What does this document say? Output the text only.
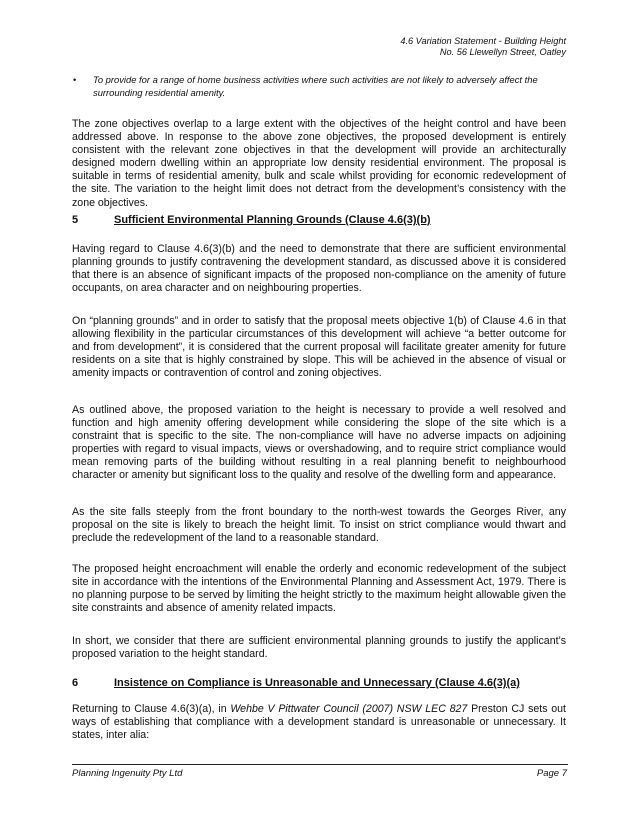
4.6 Variation Statement - Building Height
No. 56 Llewellyn Street, Oatley
• To provide for a range of home business activities where such activities are not likely to adversely affect the surrounding residential amenity.
The zone objectives overlap to a large extent with the objectives of the height control and have been addressed above. In response to the above zone objectives, the proposed development is entirely consistent with the relevant zone objectives in that the development will provide an architecturally designed modern dwelling within an appropriate low density residential environment. The proposal is suitable in terms of residential amenity, bulk and scale whilst providing for economic redevelopment of the site. The variation to the height limit does not detract from the development’s consistency with the zone objectives.
5	Sufficient Environmental Planning Grounds (Clause 4.6(3)(b)
Having regard to Clause 4.6(3)(b) and the need to demonstrate that there are sufficient environmental planning grounds to justify contravening the development standard, as discussed above it is considered that there is an absence of significant impacts of the proposed non-compliance on the amenity of future occupants, on area character and on neighbouring properties.
On “planning grounds” and in order to satisfy that the proposal meets objective 1(b) of Clause 4.6 in that allowing flexibility in the particular circumstances of this development will achieve “a better outcome for and from development”, it is considered that the current proposal will facilitate greater amenity for future residents on a site that is highly constrained by slope. This will be achieved in the absence of visual or amenity impacts or contravention of control and zoning objectives.
As outlined above, the proposed variation to the height is necessary to provide a well resolved and function and high amenity offering development while considering the slope of the site which is a constraint that is specific to the site. The non-compliance will have no adverse impacts on adjoining properties with regard to visual impacts, views or overshadowing, and to require strict compliance would mean removing parts of the building without resulting in a real planning benefit to neighbourhood character or amenity but significant loss to the quality and resolve of the dwelling form and appearance.
As the site falls steeply from the front boundary to the north-west towards the Georges River, any proposal on the site is likely to breach the height limit. To insist on strict compliance would thwart and preclude the redevelopment of the land to a reasonable standard.
The proposed height encroachment will enable the orderly and economic redevelopment of the subject site in accordance with the intentions of the Environmental Planning and Assessment Act, 1979. There is no planning purpose to be served by limiting the height strictly to the maximum height allowable given the site constraints and absence of amenity related impacts.
In short, we consider that there are sufficient environmental planning grounds to justify the applicant’s proposed variation to the height standard.
6	Insistence on Compliance is Unreasonable and Unnecessary (Clause 4.6(3)(a)
Returning to Clause 4.6(3)(a), in Wehbe V Pittwater Council (2007) NSW LEC 827 Preston CJ sets out ways of establishing that compliance with a development standard is unreasonable or unnecessary. It states, inter alia:
Planning Ingenuity Pty Ltd	Page 7
